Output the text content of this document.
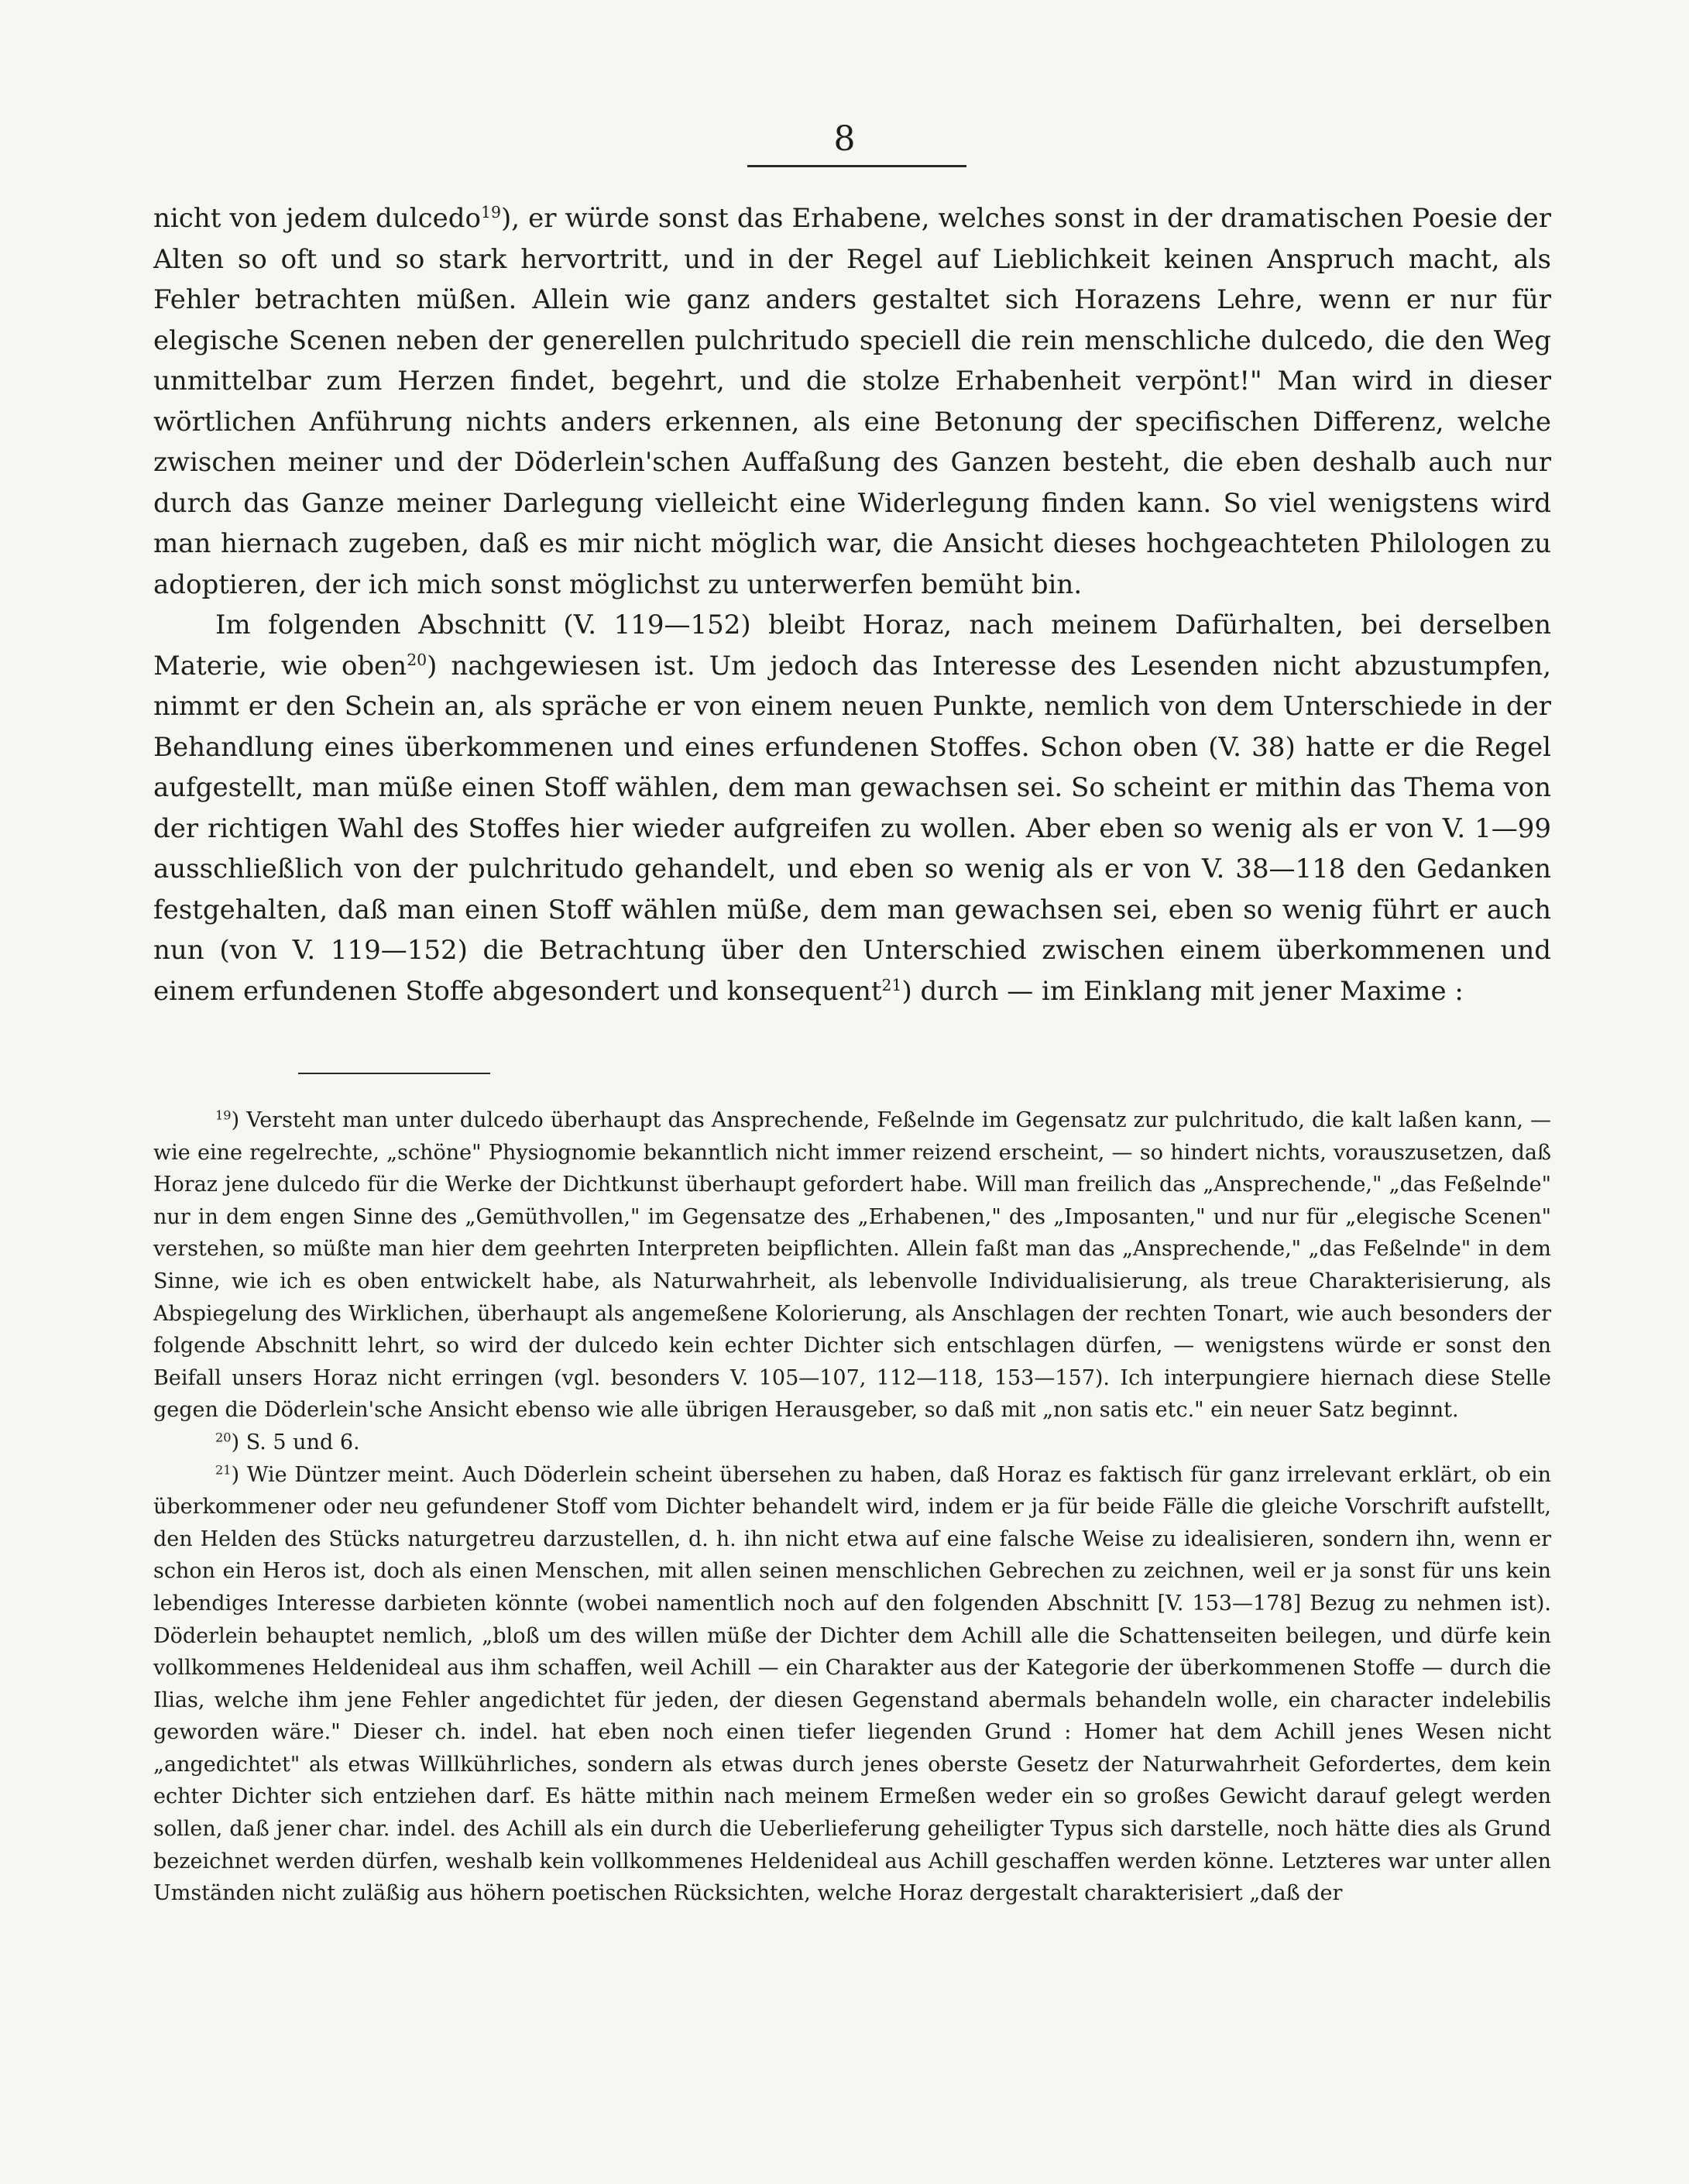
8

nicht von jedem dulcedo$^{19}$), er würde sonst das Erhabene, welches sonst in der dramatischen Poesie der Alten so oft und so stark hervortritt, und in der Regel auf Lieblichkeit keinen Anspruch macht, als Fehler betrachten müßen. Allein wie ganz anders gestaltet sich Horazens Lehre, wenn er nur für elegische Scenen neben der generellen pulchritudo speciell die rein menschliche dulcedo, die den Weg unmittelbar zum Herzen findet, begehrt, und die stolze Erhabenheit verpönt!" Man wird in dieser wörtlichen Anführung nichts anders erkennen, als eine Betonung der specifischen Differenz, welche zwischen meiner und der Döderlein'schen Auffaßung des Ganzen besteht, die eben deshalb auch nur durch das Ganze meiner Darlegung vielleicht eine Widerlegung finden kann. So viel wenigstens wird man hiernach zugeben, daß es mir nicht möglich war, die Ansicht dieses hochgeachteten Philologen zu adoptieren, der ich mich sonst möglichst zu unterwerfen bemüht bin.

Im folgenden Abschnitt (V. 119—152) bleibt Horaz, nach meinem Dafürhalten, bei derselben Materie, wie oben$^{20}$) nachgewiesen ist. Um jedoch das Interesse des Lesenden nicht abzustumpfen, nimmt er den Schein an, als spräche er von einem neuen Punkte, nemlich von dem Unterschiede in der Behandlung eines überkommenen und eines erfundenen Stoffes. Schon oben (V. 38) hatte er die Regel aufgestellt, man müße einen Stoff wählen, dem man gewachsen sei. So scheint er mithin das Thema von der richtigen Wahl des Stoffes hier wieder aufgreifen zu wollen. Aber eben so wenig als er von V. 1—99 ausschließlich von der pulchritudo gehandelt, und eben so wenig als er von V. 38—118 den Gedanken festgehalten, daß man einen Stoff wählen müße, dem man gewachsen sei, eben so wenig führt er auch nun (von V. 119—152) die Betrachtung über den Unterschied zwischen einem überkommenen und einem erfundenen Stoffe abgesondert und konsequent$^{21}$) durch — im Einklang mit jener Maxime :

$^{19}$) Versteht man unter dulcedo überhaupt das Ansprechende, Feßelnde im Gegensatz zur pulchritudo, die kalt laßen kann, — wie eine regelrechte, „schöne" Physiognomie bekanntlich nicht immer reizend erscheint, — so hindert nichts, vorauszusetzen, daß Horaz jene dulcedo für die Werke der Dichtkunst überhaupt gefordert habe. Will man freilich das „Ansprechende," „das Feßelnde" nur in dem engen Sinne des „Gemüthvollen," im Gegensatze des „Erhabenen," des „Imposanten," und nur für „elegische Scenen" verstehen, so müßte man hier dem geehrten Interpreten beipflichten. Allein faßt man das „Ansprechende," „das Feßelnde" in dem Sinne, wie ich es oben entwickelt habe, als Naturwahrheit, als lebenvolle Individualisierung, als treue Charakterisierung, als Abspiegelung des Wirklichen, überhaupt als angemeßene Kolorierung, als Anschlagen der rechten Tonart, wie auch besonders der folgende Abschnitt lehrt, so wird der dulcedo kein echter Dichter sich entschlagen dürfen, — wenigstens würde er sonst den Beifall unsers Horaz nicht erringen (vgl. besonders V. 105—107, 112—118, 153—157). Ich interpungiere hiernach diese Stelle gegen die Döderlein'sche Ansicht ebenso wie alle übrigen Herausgeber, so daß mit „non satis etc." ein neuer Satz beginnt.

$^{20}$) S. 5 und 6.

$^{21}$) Wie Düntzer meint. Auch Döderlein scheint übersehen zu haben, daß Horaz es faktisch für ganz irrelevant erklärt, ob ein überkommener oder neu gefundener Stoff vom Dichter behandelt wird, indem er ja für beide Fälle die gleiche Vorschrift aufstellt, den Helden des Stücks naturgetreu darzustellen, d. h. ihn nicht etwa auf eine falsche Weise zu idealisieren, sondern ihn, wenn er schon ein Heros ist, doch als einen Menschen, mit allen seinen menschlichen Gebrechen zu zeichnen, weil er ja sonst für uns kein lebendiges Interesse darbieten könnte (wobei namentlich noch auf den folgenden Abschnitt [V. 153—178] Bezug zu nehmen ist). Döderlein behauptet nemlich, „bloß um des willen müße der Dichter dem Achill alle die Schattenseiten beilegen, und dürfe kein vollkommenes Heldenideal aus ihm schaffen, weil Achill — ein Charakter aus der Kategorie der überkommenen Stoffe — durch die Ilias, welche ihm jene Fehler angedichtet für jeden, der diesen Gegenstand abermals behandeln wolle, ein character indelebilis geworden wäre." Dieser ch. indel. hat eben noch einen tiefer liegenden Grund : Homer hat dem Achill jenes Wesen nicht „angedichtet" als etwas Willkührliches, sondern als etwas durch jenes oberste Gesetz der Naturwahrheit Gefordertes, dem kein echter Dichter sich entziehen darf. Es hätte mithin nach meinem Ermeßen weder ein so großes Gewicht darauf gelegt werden sollen, daß jener char. indel. des Achill als ein durch die Ueberlieferung geheiligter Typus sich darstelle, noch hätte dies als Grund bezeichnet werden dürfen, weshalb kein vollkommenes Heldenideal aus Achill geschaffen werden könne. Letzteres war unter allen Umständen nicht zuläßig aus höhern poetischen Rücksichten, welche Horaz dergestalt charakterisiert „daß der
